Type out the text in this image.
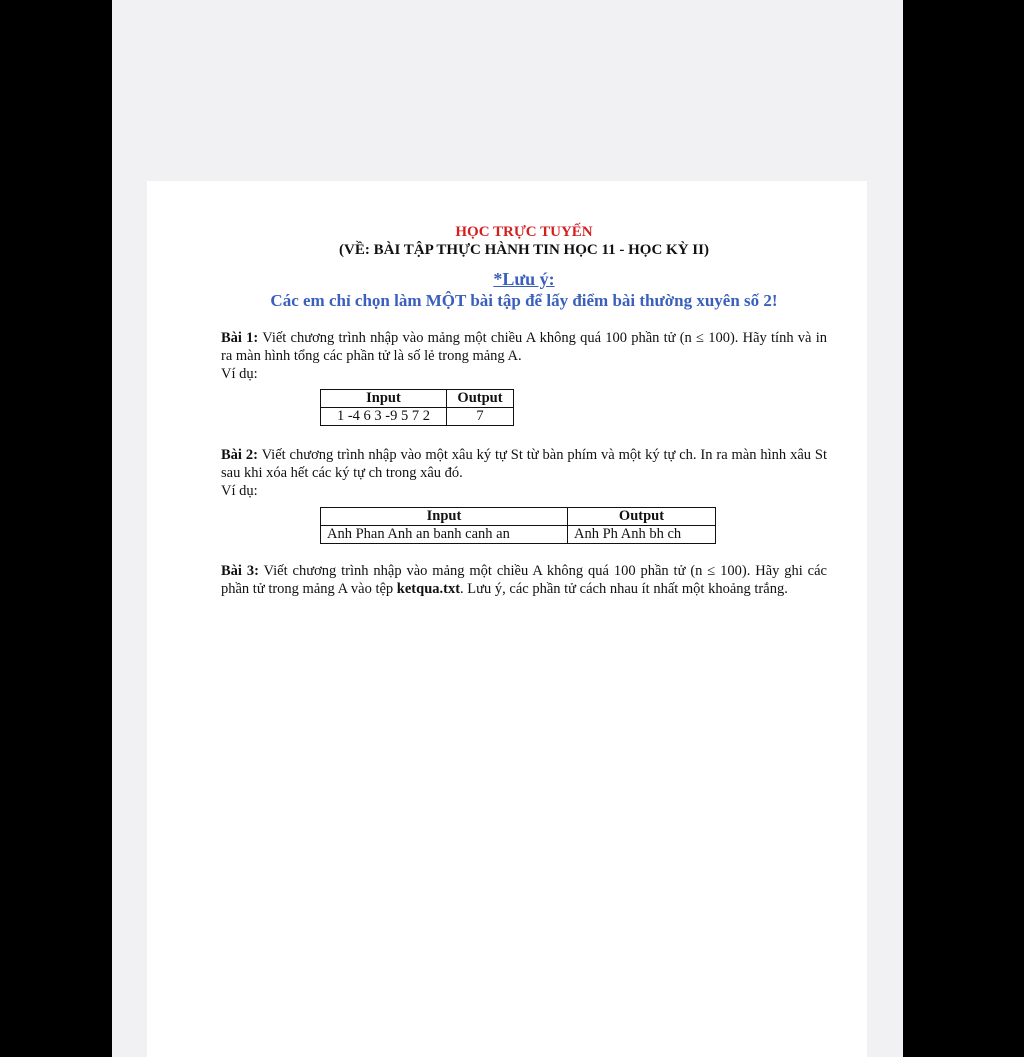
HỌC TRỰC TUYẾN
(VỀ: BÀI TẬP THỰC HÀNH TIN HỌC 11 - HỌC KỲ II)
*Lưu ý:
Các em chỉ chọn làm MỘT bài tập để lấy điểm bài thường xuyên số 2!
Bài 1: Viết chương trình nhập vào mảng một chiều A không quá 100 phần tử (n ≤ 100). Hãy tính và in ra màn hình tổng các phần tử là số lẻ trong mảng A.
Ví dụ:
Input	Output
1 -4 6 3 -9 5 7 2	7
Bài 2: Viết chương trình nhập vào một xâu ký tự St từ bàn phím và một ký tự ch. In ra màn hình xâu St sau khi xóa hết các ký tự ch trong xâu đó.
Ví dụ:
Input	Output
Anh Phan Anh an banh canh an	Anh Ph Anh bh ch
Bài 3: Viết chương trình nhập vào mảng một chiều A không quá 100 phần tử (n ≤ 100). Hãy ghi các phần tử trong mảng A vào tệp ketqua.txt. Lưu ý, các phần tử cách nhau ít nhất một khoảng trắng.
